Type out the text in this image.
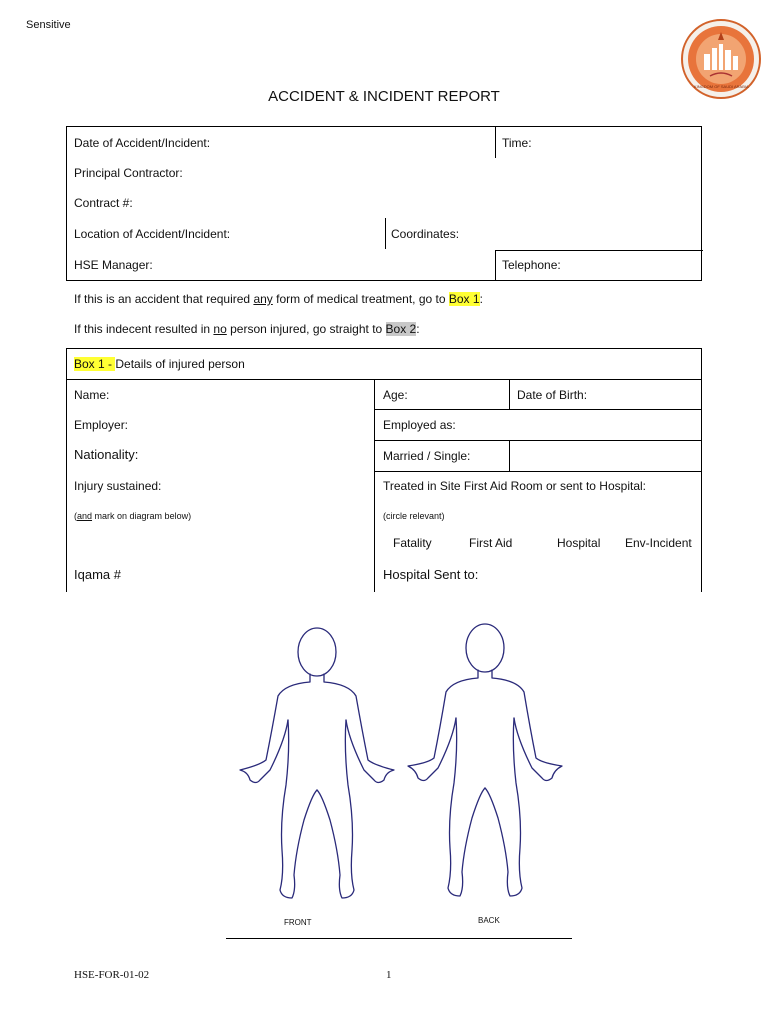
Sensitive
KINGDOM OF SAUDI ARABIA
ACCIDENT & INCIDENT REPORT
Date of Accident/Incident:	Time:
Principal Contractor:
Contract #:
Location of Accident/Incident:	Coordinates:
HSE Manager:	Telephone:
If this is an accident that required any form of medical treatment, go to Box 1:
If this indecent resulted in no person injured, go straight to Box 2:
Box 1 - Details of injured person
Name:	Age:	Date of Birth:
Employer:	Employed as:
Nationality:	Married / Single:
Injury sustained:	Treated in Site First Aid Room or sent to Hospital:
(and mark on diagram below)	(circle relevant)
Fatality	First Aid	Hospital Env-Incident
Iqama #	Hospital Sent to:
FRONT	BACK
HSE-FOR-01-02	1
